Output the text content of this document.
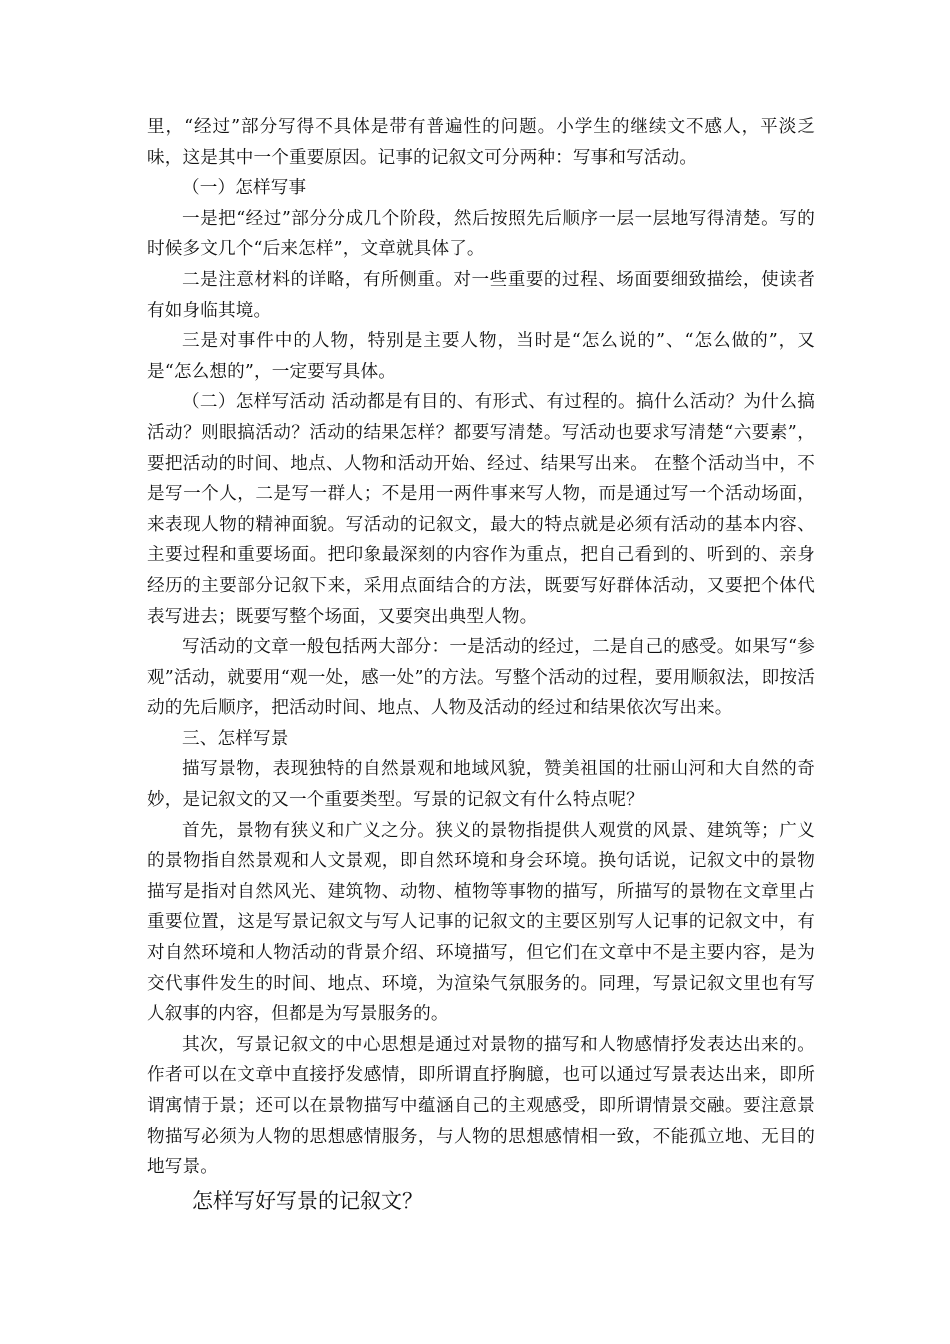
里，“经过”部分写得不具体是带有普遍性的问题。小学生的继续文不感人，平淡乏味，这是其中一个重要原因。记事的记叙文可分两种：写事和写活动。

（一）怎样写事

一是把“经过”部分分成几个阶段，然后按照先后顺序一层一层地写得清楚。写的时候多文几个“后来怎样”，文章就具体了。

二是注意材料的详略，有所侧重。对一些重要的过程、场面要细致描绘，使读者有如身临其境。

三是对事件中的人物，特别是主要人物，当时是“怎么说的”、“怎么做的”，又是“怎么想的”，一定要写具体。

（二）怎样写活动 活动都是有目的、有形式、有过程的。搞什么活动？为什么搞活动？则眼搞活动？活动的结果怎样？都要写清楚。写活动也要求写清楚“六要素”，要把活动的时间、地点、人物和活动开始、经过、结果写出来。 在整个活动当中，不是写一个人，二是写一群人；不是用一两件事来写人物，而是通过写一个活动场面，来表现人物的精神面貌。写活动的记叙文，最大的特点就是必须有活动的基本内容、主要过程和重要场面。把印象最深刻的内容作为重点，把自己看到的、听到的、亲身经历的主要部分记叙下来，采用点面结合的方法，既要写好群体活动，又要把个体代表写进去；既要写整个场面，又要突出典型人物。

写活动的文章一般包括两大部分：一是活动的经过，二是自己的感受。如果写“参观”活动，就要用“观一处，感一处”的方法。写整个活动的过程，要用顺叙法，即按活动的先后顺序，把活动时间、地点、人物及活动的经过和结果依次写出来。

三、怎样写景

描写景物，表现独特的自然景观和地域风貌，赞美祖国的壮丽山河和大自然的奇妙，是记叙文的又一个重要类型。写景的记叙文有什么特点呢？

首先，景物有狭义和广义之分。狭义的景物指提供人观赏的风景、建筑等；广义的景物指自然景观和人文景观，即自然环境和身会环境。换句话说，记叙文中的景物描写是指对自然风光、建筑物、动物、植物等事物的描写，所描写的景物在文章里占重要位置，这是写景记叙文与写人记事的记叙文的主要区别写人记事的记叙文中，有对自然环境和人物活动的背景介绍、环境描写，但它们在文章中不是主要内容，是为交代事件发生的时间、地点、环境，为渲染气氛服务的。同理，写景记叙文里也有写人叙事的内容，但都是为写景服务的。

其次，写景记叙文的中心思想是通过对景物的描写和人物感情抒发表达出来的。作者可以在文章中直接抒发感情，即所谓直抒胸臆，也可以通过写景表达出来，即所谓寓情于景；还可以在景物描写中蕴涵自己的主观感受，即所谓情景交融。要注意景物描写必须为人物的思想感情服务，与人物的思想感情相一致，不能孤立地、无目的地写景。

怎样写好写景的记叙文？
